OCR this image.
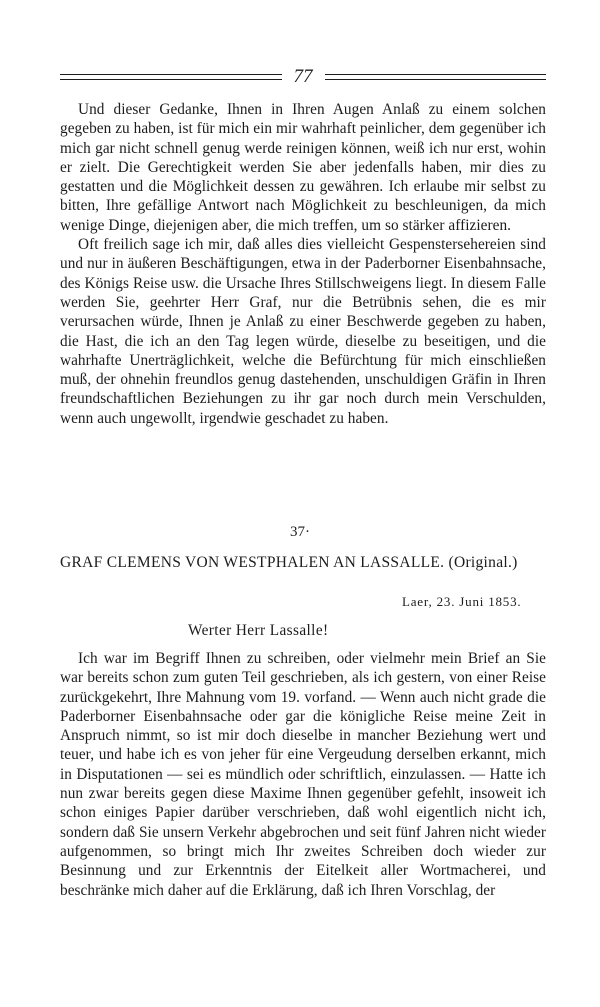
77

Und dieser Gedanke, Ihnen in Ihren Augen Anlaß zu einem solchen gegeben zu haben, ist für mich ein mir wahrhaft peinlicher, dem gegenüber ich mich gar nicht schnell genug werde reinigen können, weiß ich nur erst, wohin er zielt. Die Gerechtigkeit werden Sie aber jedenfalls haben, mir dies zu gestatten und die Möglichkeit dessen zu gewähren. Ich erlaube mir selbst zu bitten, Ihre gefällige Antwort nach Möglichkeit zu beschleunigen, da mich wenige Dinge, diejenigen aber, die mich treffen, um so stärker affizieren.

Oft freilich sage ich mir, daß alles dies vielleicht Gespenstersehereien sind und nur in äußeren Beschäftigungen, etwa in der Paderborner Eisenbahnsache, des Königs Reise usw. die Ursache Ihres Stillschweigens liegt. In diesem Falle werden Sie, geehrter Herr Graf, nur die Betrübnis sehen, die es mir verursachen würde, Ihnen je Anlaß zu einer Beschwerde gegeben zu haben, die Hast, die ich an den Tag legen würde, dieselbe zu beseitigen, und die wahrhafte Unerträglichkeit, welche die Befürchtung für mich einschließen muß, der ohnehin freundlos genug dastehenden, unschuldigen Gräfin in Ihren freundschaftlichen Beziehungen zu ihr gar noch durch mein Verschulden, wenn auch ungewollt, irgendwie geschadet zu haben.

37·
GRAF CLEMENS VON WESTPHALEN AN LASSALLE. (Original.)
Laer, 23. Juni 1853.
Werter Herr Lassalle!

Ich war im Begriff Ihnen zu schreiben, oder vielmehr mein Brief an Sie war bereits schon zum guten Teil geschrieben, als ich gestern, von einer Reise zurückgekehrt, Ihre Mahnung vom 19. vorfand. — Wenn auch nicht grade die Paderborner Eisenbahnsache oder gar die königliche Reise meine Zeit in Anspruch nimmt, so ist mir doch dieselbe in mancher Beziehung wert und teuer, und habe ich es von jeher für eine Vergeudung derselben erkannt, mich in Disputationen — sei es mündlich oder schriftlich, einzulassen. — Hatte ich nun zwar bereits gegen diese Maxime Ihnen gegenüber gefehlt, insoweit ich schon einiges Papier darüber verschrieben, daß wohl eigentlich nicht ich, sondern daß Sie unsern Verkehr abgebrochen und seit fünf Jahren nicht wieder aufgenommen, so bringt mich Ihr zweites Schreiben doch wieder zur Besinnung und zur Erkenntnis der Eitelkeit aller Wortmacherei, und beschränke mich daher auf die Erklärung, daß ich Ihren Vorschlag, der
